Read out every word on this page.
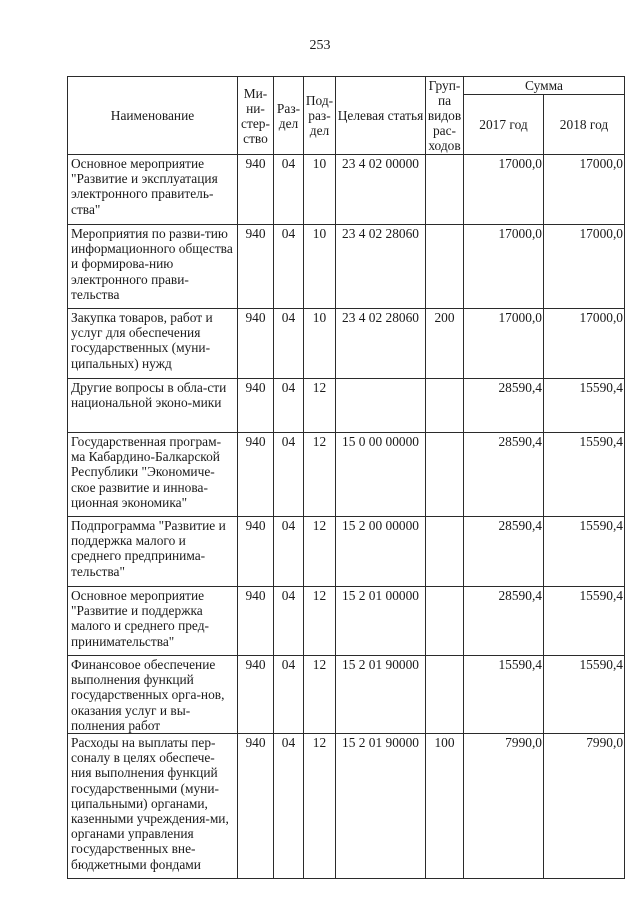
253
Наименование	Ми-ни-стер-ство	Раз-дел	Под-раз-дел	Целевая статья	Груп-па видов рас-ходов	Сумма	
						2017 год	2018 год
Основное мероприятие "Развитие и эксплуатация электронного правитель-ства"	940	04	10	23 4 02 00000		17000,0	17000,0
Мероприятия по разви-тию информационного общества и формирова-нию электронного прави-тельства	940	04	10	23 4 02 28060		17000,0	17000,0
Закупка товаров, работ и услуг для обеспечения государственных (муни-ципальных) нужд	940	04	10	23 4 02 28060	200	17000,0	17000,0
Другие вопросы в обла-сти национальной эконо-мики	940	04	12			28590,4	15590,4
Государственная програм-ма Кабардино-Балкарской Республики "Экономиче-ское развитие и иннова-ционная экономика"	940	04	12	15 0 00 00000		28590,4	15590,4
Подпрограмма "Развитие и поддержка малого и среднего предпринима-тельства"	940	04	12	15 2 00 00000		28590,4	15590,4
Основное мероприятие "Развитие и поддержка малого и среднего пред-принимательства"	940	04	12	15 2 01 00000		28590,4	15590,4
Финансовое обеспечение выполнения функций государственных орга-нов, оказания услуг и вы-полнения работ	940	04	12	15 2 01 90000		15590,4	15590,4
Расходы на выплаты пер-соналу в целях обеспече-ния выполнения функций государственными (муни-ципальными) органами, казенными учреждения-ми, органами управления государственных вне-бюджетными фондами	940	04	12	15 2 01 90000	100	7990,0	7990,0
